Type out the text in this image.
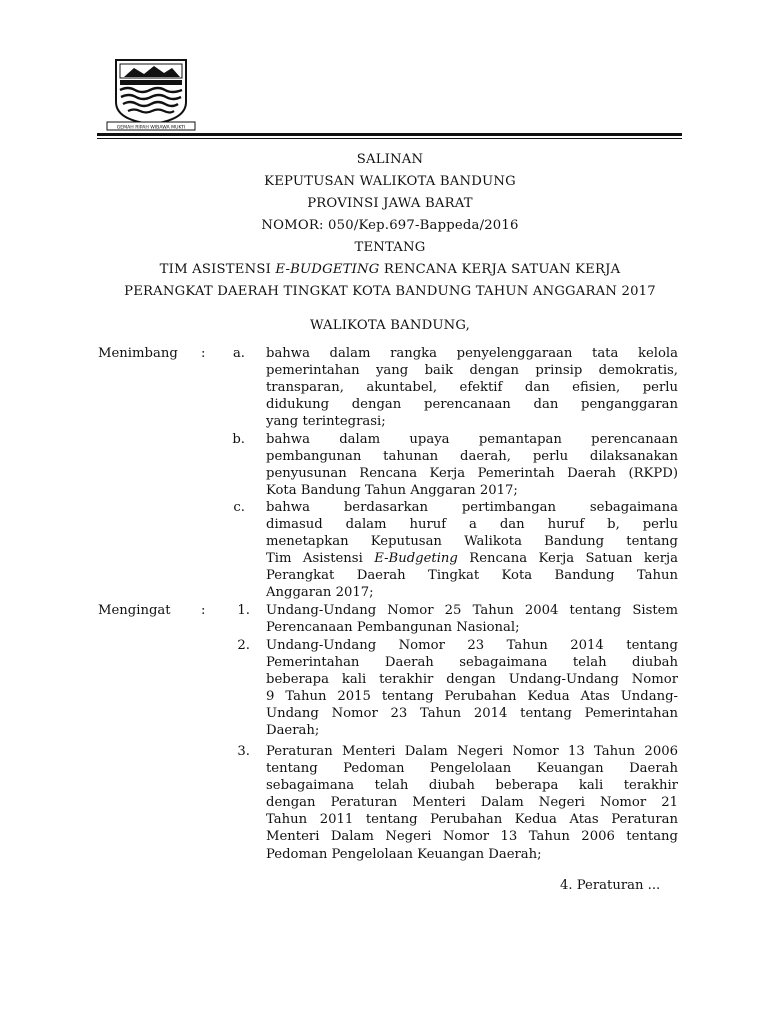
GEMAH RIPAH WIBAWA MUKTI
SALINAN
KEPUTUSAN WALIKOTA BANDUNG
PROVINSI JAWA BARAT
NOMOR: 050/Kep.697-Bappeda/2016
TENTANG
TIM ASISTENSI E-BUDGETING RENCANA KERJA SATUAN KERJA
PERANGKAT DAERAH TINGKAT KOTA BANDUNG TAHUN ANGGARAN 2017
WALIKOTA BANDUNG,
Menimbang :	a. bahwa dalam rangka penyelenggaraan tata kelola
pemerintahan yang baik dengan prinsip demokratis,
transparan, akuntabel, efektif dan efisien, perlu
didukung dengan perencanaan dan penganggaran
yang terintegrasi;
b. bahwa dalam upaya pemantapan perencanaan
pembangunan tahunan daerah, perlu dilaksanakan
penyusunan Rencana Kerja Pemerintah Daerah (RKPD)
Kota Bandung Tahun Anggaran 2017;
c. bahwa berdasarkan pertimbangan sebagaimana
dimasud dalam huruf a dan huruf b, perlu
menetapkan Keputusan Walikota Bandung tentang
Tim Asistensi E-Budgeting Rencana Kerja Satuan kerja
Perangkat Daerah Tingkat Kota Bandung Tahun
Anggaran 2017;
Mengingat :	1. Undang-Undang Nomor 25 Tahun 2004 tentang Sistem
Perencanaan Pembangunan Nasional;
2. Undang-Undang Nomor 23 Tahun 2014 tentang
Pemerintahan Daerah sebagaimana telah diubah
beberapa kali terakhir dengan Undang-Undang Nomor
9 Tahun 2015 tentang Perubahan Kedua Atas Undang-
Undang Nomor 23 Tahun 2014 tentang Pemerintahan
Daerah;
3. Peraturan Menteri Dalam Negeri Nomor 13 Tahun 2006
tentang Pedoman Pengelolaan Keuangan Daerah
sebagaimana telah diubah beberapa kali terakhir
dengan Peraturan Menteri Dalam Negeri Nomor 21
Tahun 2011 tentang Perubahan Kedua Atas Peraturan
Menteri Dalam Negeri Nomor 13 Tahun 2006 tentang
Pedoman Pengelolaan Keuangan Daerah;
4. Peraturan ...
